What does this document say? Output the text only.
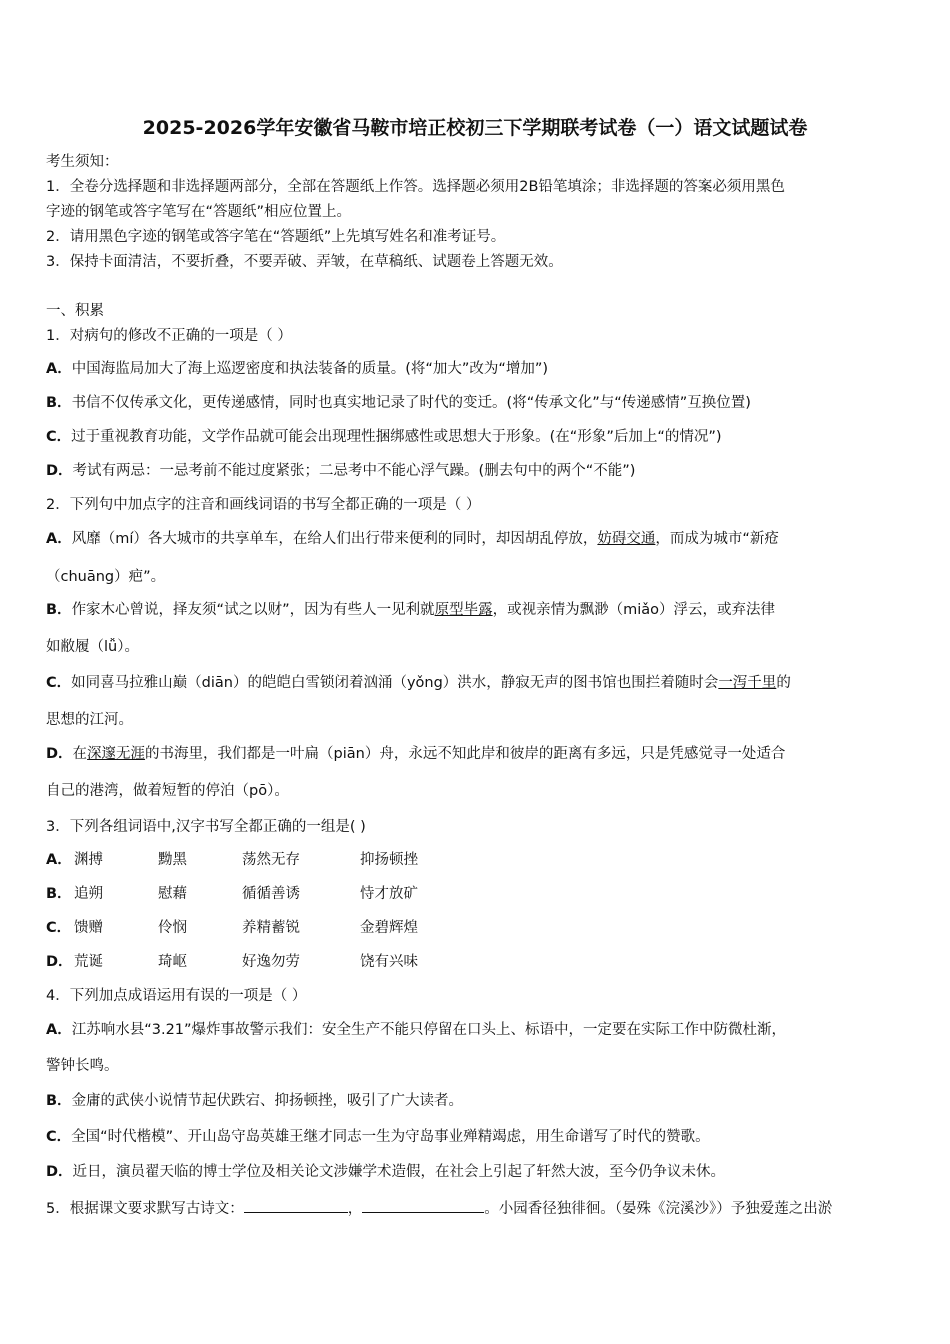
2025-2026学年安徽省马鞍市培正校初三下学期联考试卷（一）语文试题试卷
考生须知：
1．全卷分选择题和非选择题两部分，全部在答题纸上作答。选择题必须用2B铅笔填涂；非选择题的答案必须用黑色
字迹的钢笔或答字笔写在“答题纸”相应位置上。
2．请用黑色字迹的钢笔或答字笔在“答题纸”上先填写姓名和准考证号。
3．保持卡面清洁，不要折叠，不要弄破、弄皱，在草稿纸、试题卷上答题无效。
一、积累
1．对病句的修改不正确的一项是（ ）
A．中国海监局加大了海上巡逻密度和执法装备的质量。(将“加大”改为“增加”)
B．书信不仅传承文化，更传递感情，同时也真实地记录了时代的变迁。(将“传承文化”与“传递感情”互换位置)
C．过于重视教育功能，文学作品就可能会出现理性捆绑感性或思想大于形象。(在“形象”后加上“的情况”)
D．考试有两忌：一忌考前不能过度紧张；二忌考中不能心浮气躁。(删去句中的两个“不能”)
2．下列句中加点字的注音和画线词语的书写全都正确的一项是（ ）
A．风靡（mí）各大城市的共享单车，在给人们出行带来便利的同时，却因胡乱停放，妨碍交通，而成为城市“新疮
（chuāng）疤”。
B．作家木心曾说，择友须“试之以财”，因为有些人一见利就原型毕露，或视亲情为飘渺（miǎo）浮云，或弃法律
如敝履（lǚ）。
C．如同喜马拉雅山巅（diān）的皑皑白雪锁闭着汹涌（yǒng）洪水，静寂无声的图书馆也围拦着随时会一泻千里的
思想的江河。
D．在深邃无涯的书海里，我们都是一叶扁（piān）舟，永远不知此岸和彼岸的距离有多远，只是凭感觉寻一处适合
自己的港湾，做着短暂的停泊（pō）。
3．下列各组词语中,汉字书写全都正确的一组是( )
A． 渊搏	黝黑	荡然无存	抑扬顿挫
B． 追朔	慰藉	循循善诱	恃才放矿
C． 馈赠	伶悯	养精蓄锐	金碧辉煌
D．荒诞	琦岖	好逸勿劳	饶有兴味
4．下列加点成语运用有误的一项是（ ）
A．江苏响水县“3.21”爆炸事故警示我们：安全生产不能只停留在口头上、标语中，一定要在实际工作中防微杜渐，
警钟长鸣。
B．金庸的武侠小说情节起伏跌宕、抑扬顿挫，吸引了广大读者。
C．全国“时代楷模”、开山岛守岛英雄王继才同志一生为守岛事业殚精竭虑，用生命谱写了时代的赞歌。
D．近日，演员翟天临的博士学位及相关论文涉嫌学术造假，在社会上引起了轩然大波，至今仍争议未休。
5．根据课文要求默写古诗文：	，	。小园香径独徘徊。（晏殊《浣溪沙》）予独爱莲之出淤
